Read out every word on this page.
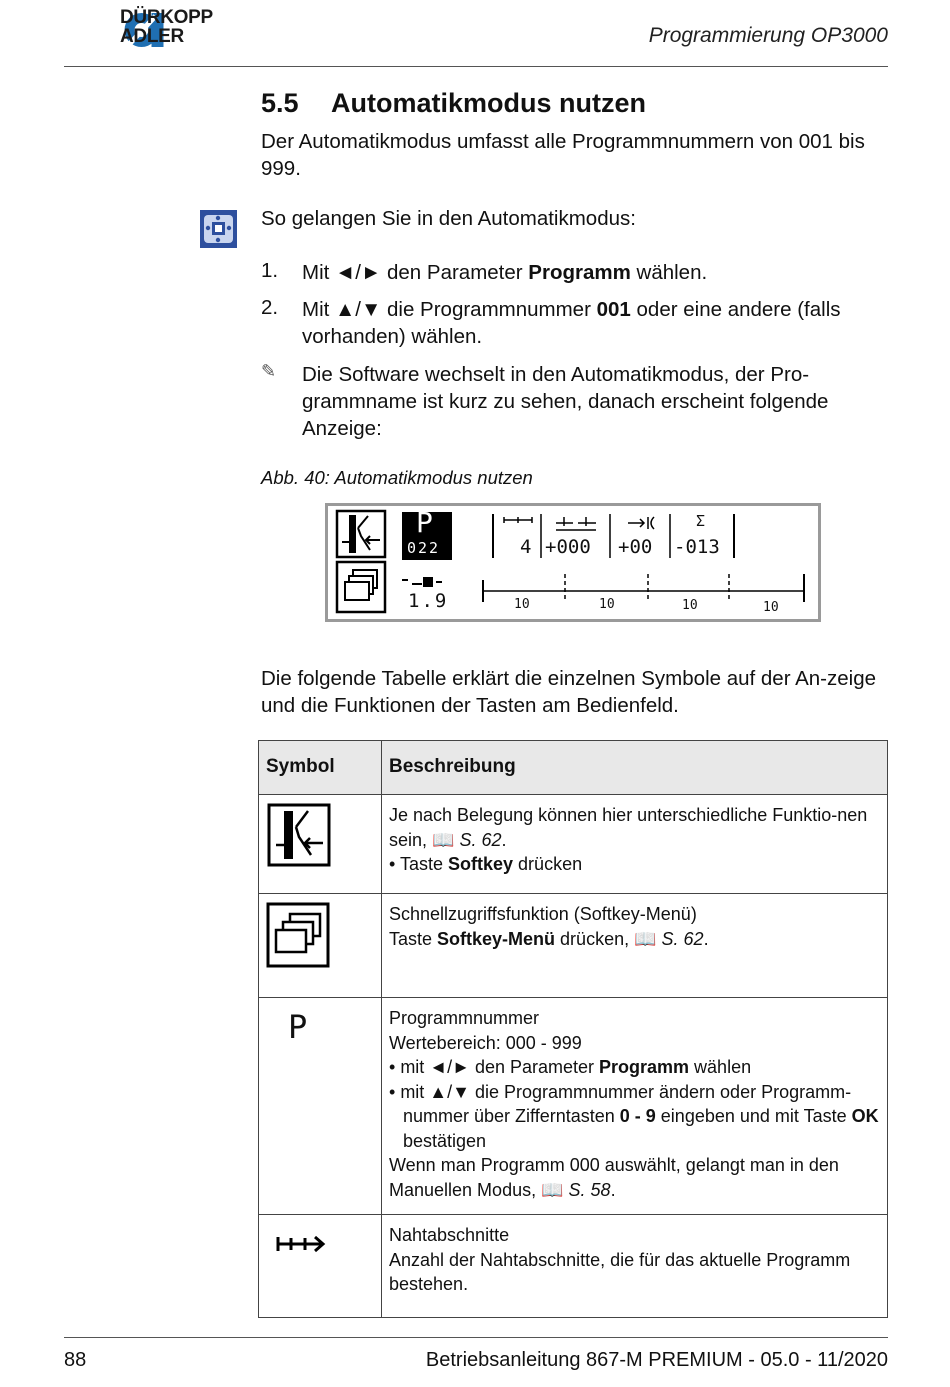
DÜRKOPP
ADLER	Programmierung OP3000
5.5 Automatikmodus nutzen
Der Automatikmodus umfasst alle Programmnummern von 001 bis 999.
So gelangen Sie in den Automatikmodus:
1. Mit ◄/► den Parameter Programm wählen.
2. Mit ▲/▼ die Programmnummer 001 oder eine andere (falls vorhanden) wählen.
✎ Die Software wechselt in den Automatikmodus, der Pro-grammname ist kurz zu sehen, danach erscheint folgende Anzeige:
Abb. 40: Automatikmodus nutzen
P
022	4 +000 +00
Σ
-013
1.9	10	10	10	10
Die folgende Tabelle erklärt die einzelnen Symbole auf der An-zeige und die Funktionen der Tasten am Bedienfeld.
Symbol	Beschreibung
	Je nach Belegung können hier unterschiedliche Funktio-nen sein, 📖 S. 62.
• Taste Softkey drücken
	Schnellzugriffsfunktion (Softkey-Menü)
Taste Softkey-Menü drücken, 📖 S. 62.

P	Programmnummer
Wertebereich: 000 - 999
• mit ◄/► den Parameter Programm wählen

• mit ▲/▼ die Programmnummer ändern oder Programm-nummer über Zifferntasten 0 - 9 eingeben und mit Taste OK bestätigen
Wenn man Programm 000 auswählt, gelangt man in den Manuellen Modus, 📖 S. 58.
	Nahtabschnitte
Anzahl der Nahtabschnitte, die für das aktuelle Programm bestehen.
88	Betriebsanleitung 867-M PREMIUM - 05.0 - 11/2020
